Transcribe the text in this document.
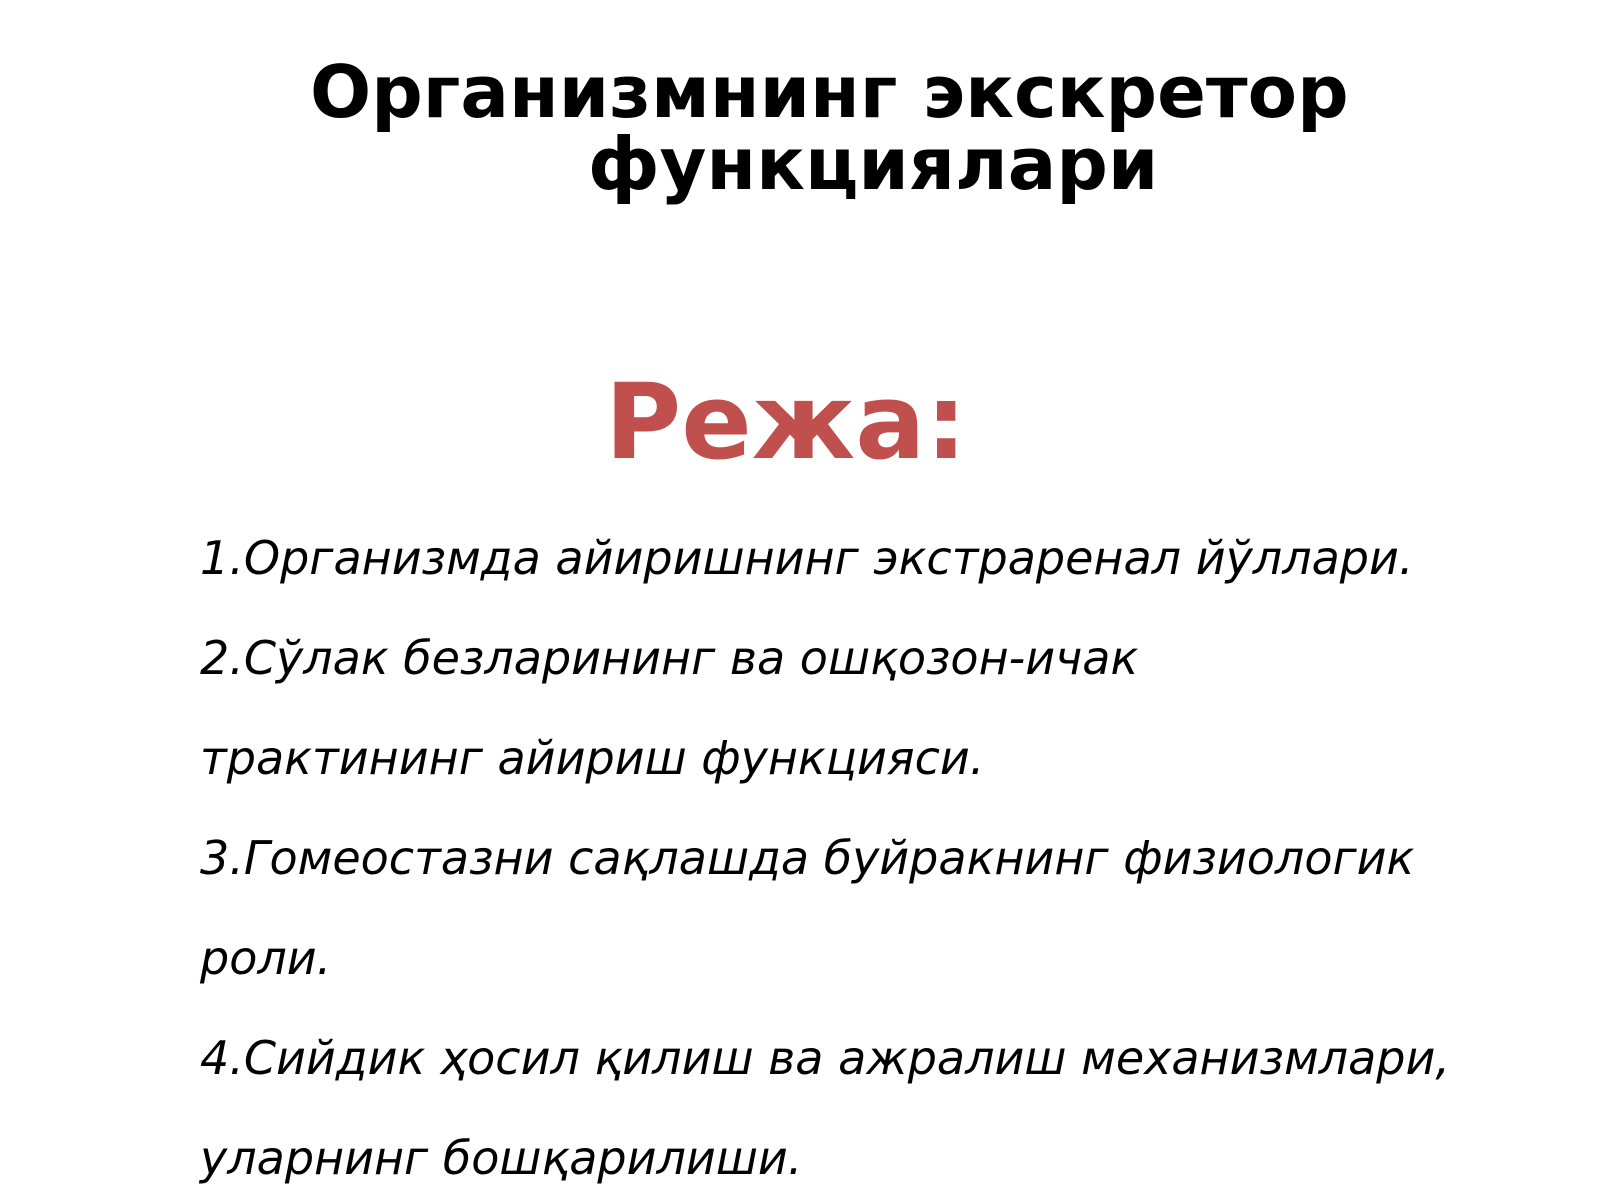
Организмнинг экскретор
функциялари
Режа:
1.Организмда айиришнинг экстраренал йўллари.
2.Сўлак безларининг ва ошқозон-ичак
трактининг айириш функцияси.
3.Гомеостазни сақлашда буйракнинг физиологик
роли.
4.Сийдик ҳосил қилиш ва ажралиш механизмлари,
уларнинг бошқарилиши.
